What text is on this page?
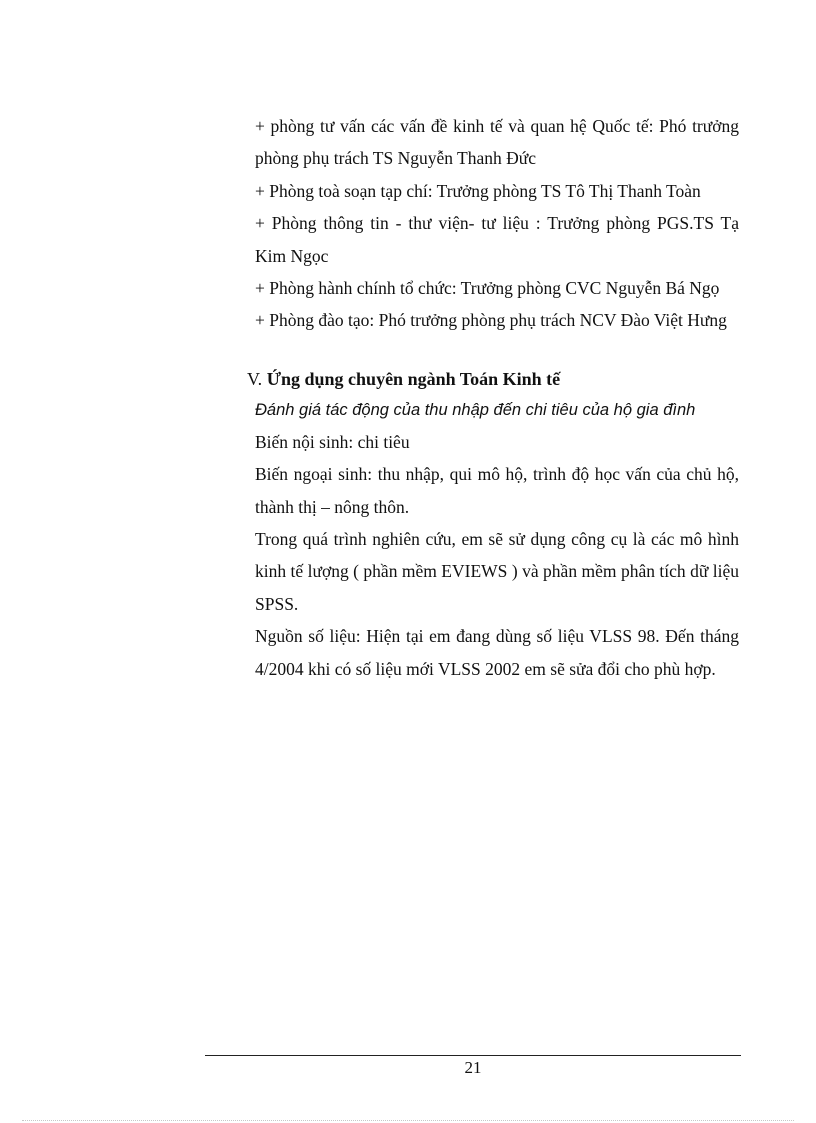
+ phòng tư vấn các vấn đề kinh tế và quan hệ Quốc tế: Phó trưởng phòng phụ trách TS Nguyễn Thanh Đức

+ Phòng toà soạn tạp chí: Trưởng phòng TS Tô Thị Thanh Toàn

+ Phòng thông tin - thư viện- tư liệu : Trưởng phòng PGS.TS Tạ Kim Ngọc

+ Phòng hành chính tổ chức: Trưởng phòng CVC Nguyễn Bá Ngọ

+ Phòng đào tạo: Phó trưởng phòng phụ trách NCV Đào Việt Hưng

V. Ứng dụng chuyên ngành Toán Kinh tế

Đánh giá tác động của thu nhập đến chi tiêu của hộ gia đình

Biến nội sinh: chi tiêu

Biến ngoại sinh: thu nhập, qui mô hộ, trình độ học vấn của chủ hộ, thành thị – nông thôn.

Trong quá trình nghiên cứu, em sẽ sử dụng công cụ là các mô hình kinh tế lượng ( phần mềm EVIEWS ) và phần mềm phân tích dữ liệu SPSS.

Nguồn số liệu: Hiện tại em đang dùng số liệu VLSS 98. Đến tháng 4/2004 khi có số liệu mới VLSS 2002 em sẽ sửa đổi cho phù hợp.

21
